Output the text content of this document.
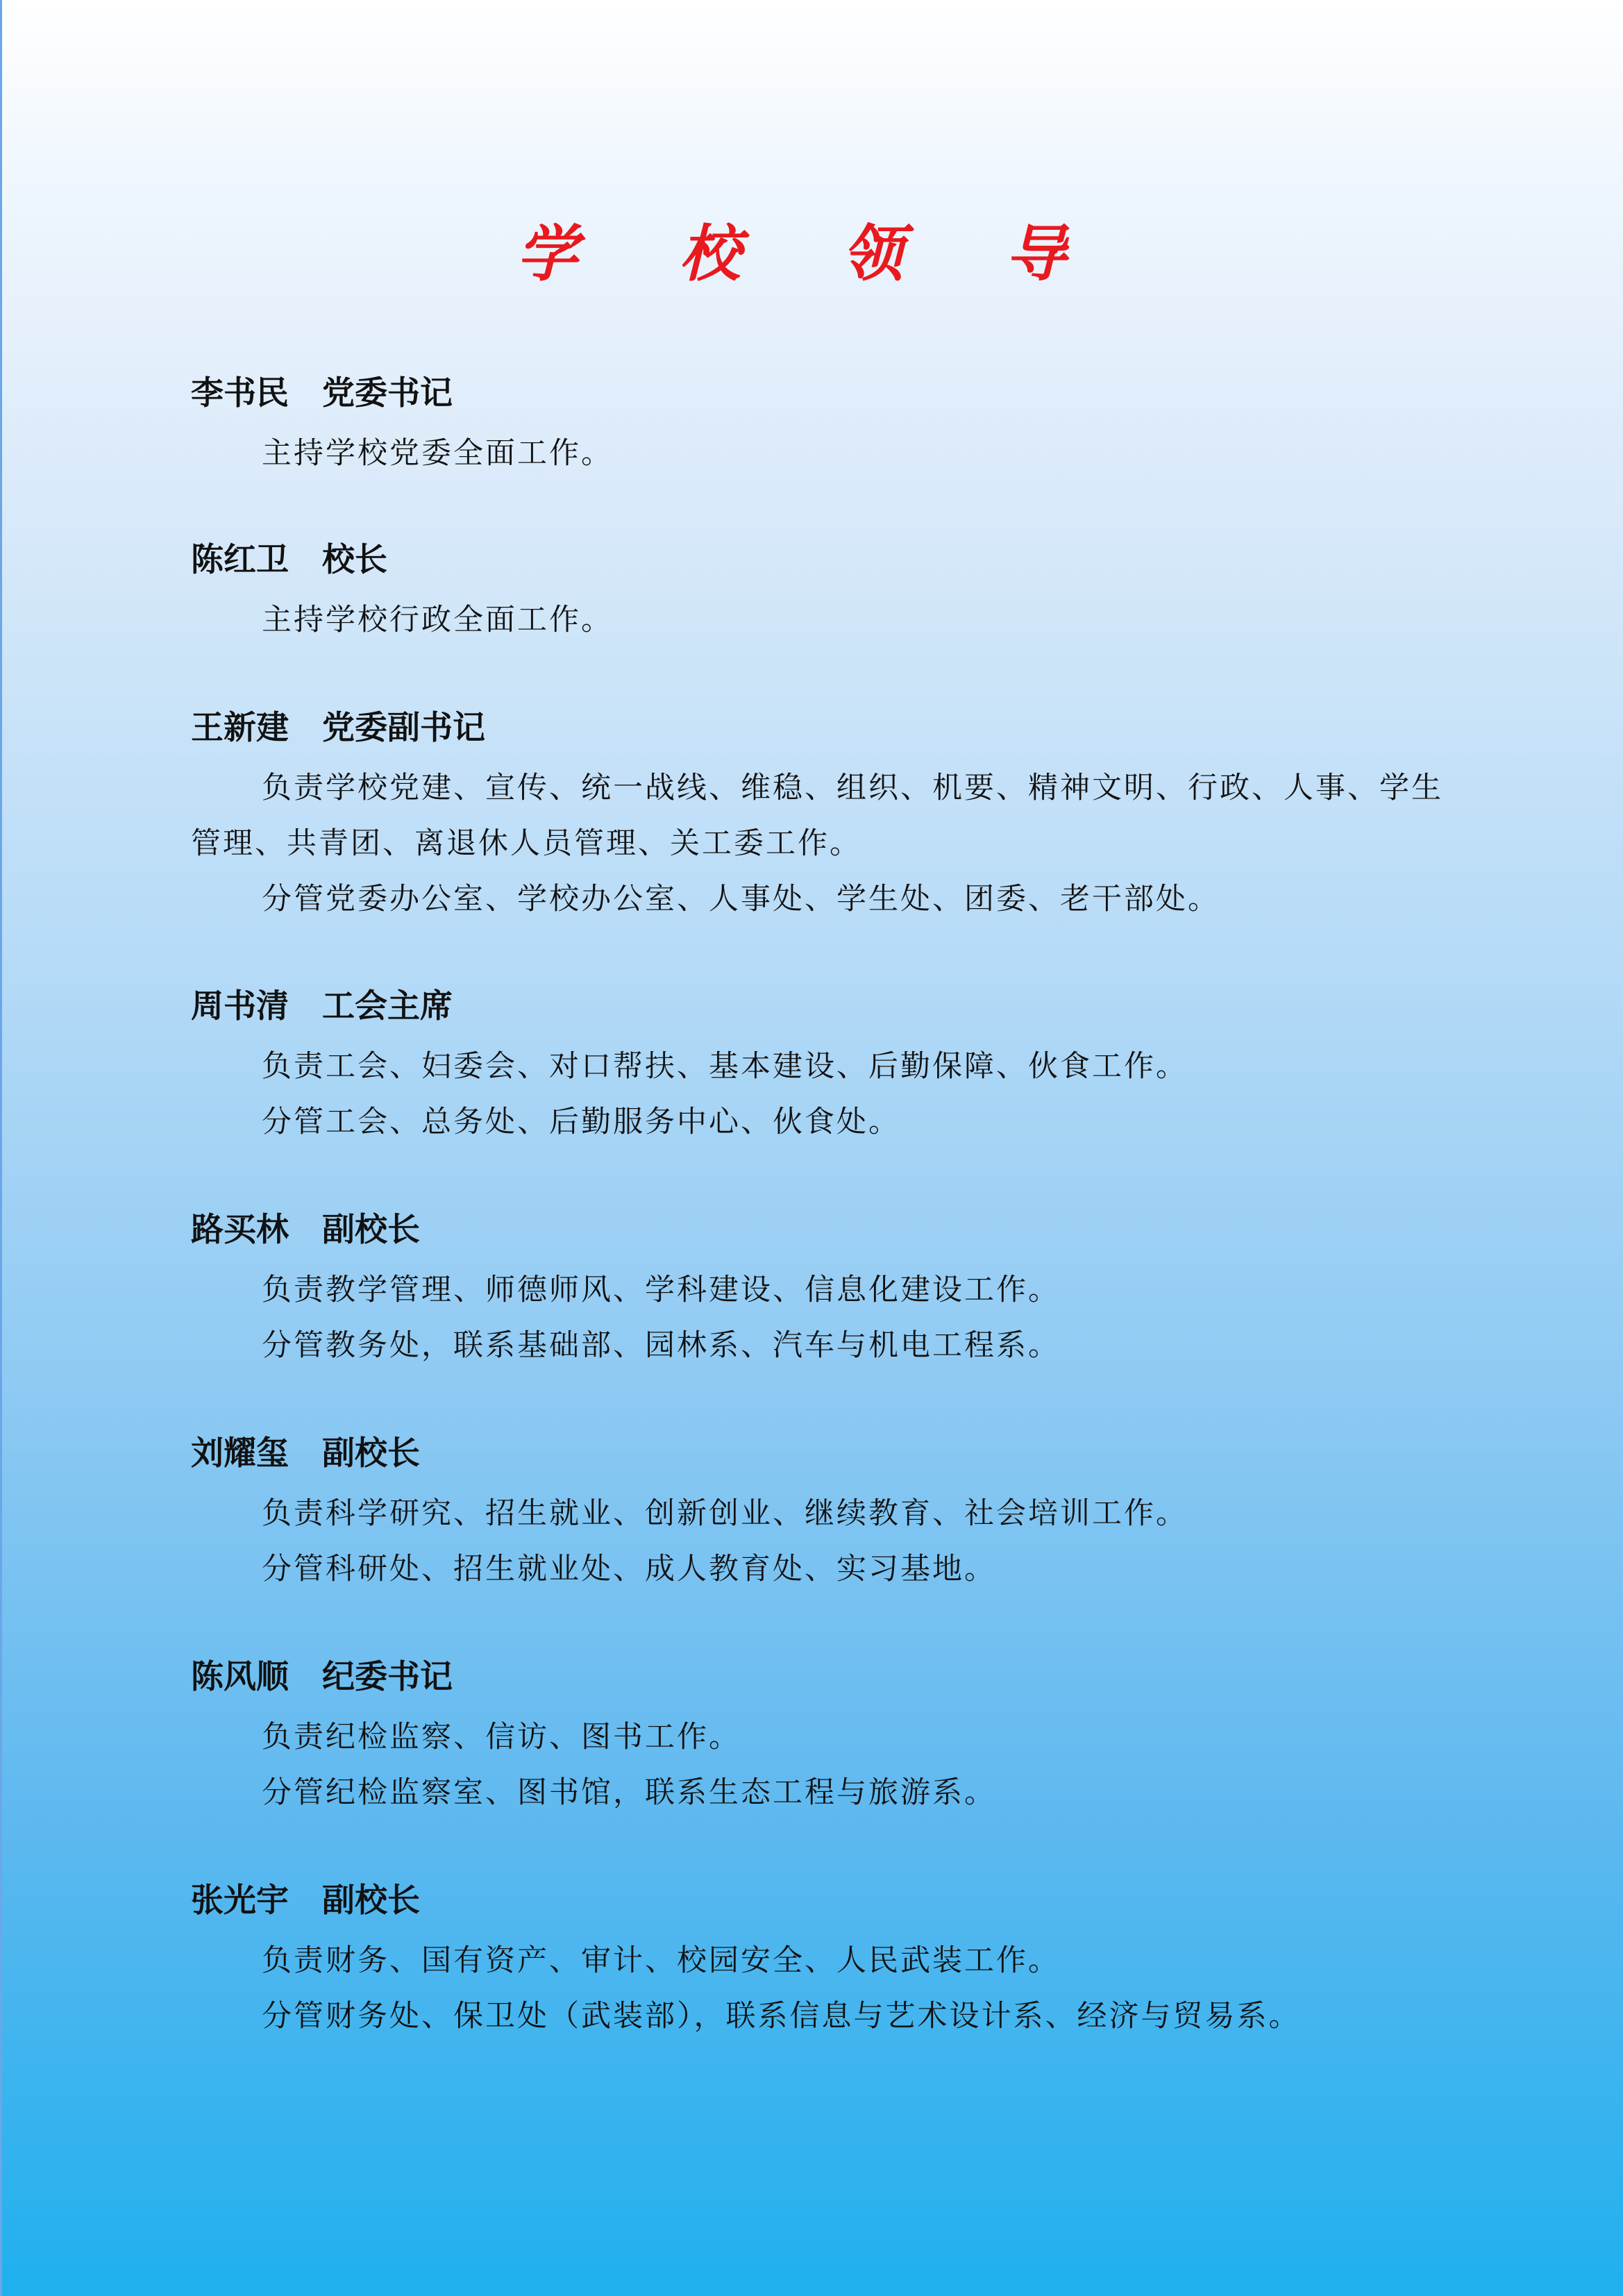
学 校 领 导
李书民 党委书记

主持学校党委全面工作。

陈红卫 校长

主持学校行政全面工作。

王新建 党委副书记

负责学校党建、宣传、统一战线、维稳、组织、机要、精神文明、行政、人事、学生管理、共青团、离退休人员管理、关工委工作。

分管党委办公室、学校办公室、人事处、学生处、团委、老干部处。

周书清 工会主席

负责工会、妇委会、对口帮扶、基本建设、后勤保障、伙食工作。

分管工会、总务处、后勤服务中心、伙食处。

路买林 副校长

负责教学管理、师德师风、学科建设、信息化建设工作。

分管教务处，联系基础部、园林系、汽车与机电工程系。

刘耀玺 副校长

负责科学研究、招生就业、创新创业、继续教育、社会培训工作。

分管科研处、招生就业处、成人教育处、实习基地。

陈风顺 纪委书记

负责纪检监察、信访、图书工作。

分管纪检监察室、图书馆，联系生态工程与旅游系。

张光宇 副校长

负责财务、国有资产、审计、校园安全、人民武装工作。

分管财务处、保卫处（武装部），联系信息与艺术设计系、经济与贸易系。
